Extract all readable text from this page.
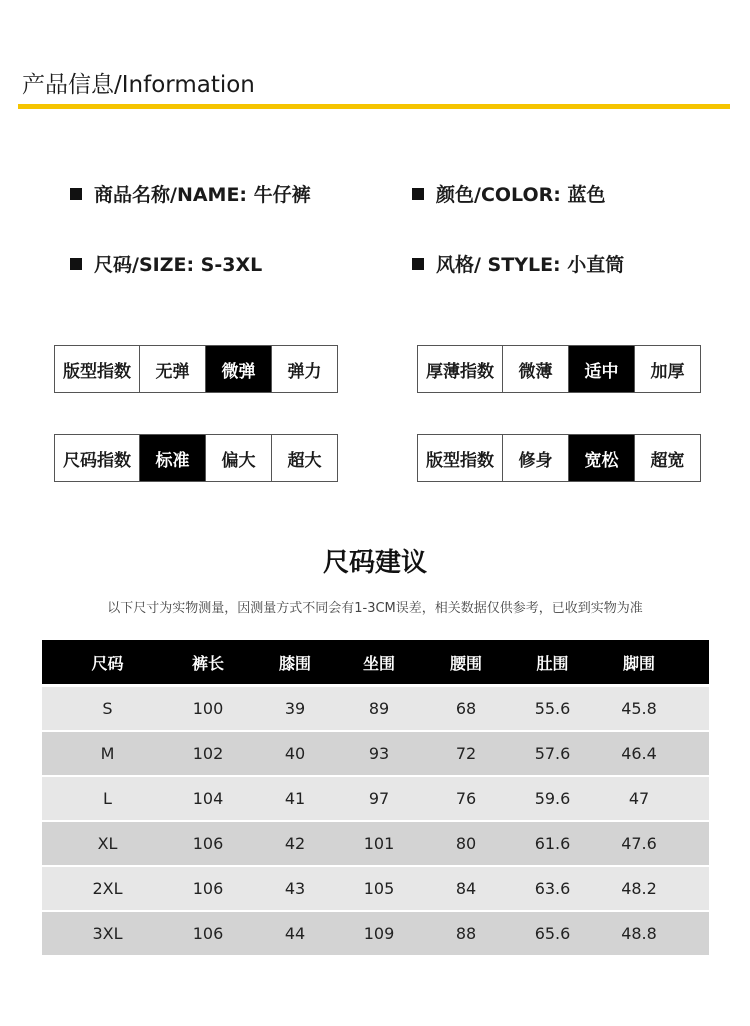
产品信息/Information
商品名称/NAME: 牛仔裤	颜色/COLOR: 蓝色
尺码/SIZE: S-3XL	风格/ STYLE: 小直筒
版型指数	无弹	微弹	弹力	厚薄指数	微薄	适中	加厚
尺码指数	标准	偏大	超大	版型指数	修身	宽松	超宽
尺码建议
以下尺寸为实物测量，因测量方式不同会有1-3CM误差，相关数据仅供参考，已收到实物为准
尺码	裤长	膝围	坐围	腰围	肚围	脚围
S	100	39	89	68	55.6	45.8
M	102	40	93	72	57.6	46.4
L	104	41	97	76	59.6	47
XL	106	42	101	80	61.6	47.6
2XL	106	43	105	84	63.6	48.2
3XL	106	44	109	88	65.6	48.8
